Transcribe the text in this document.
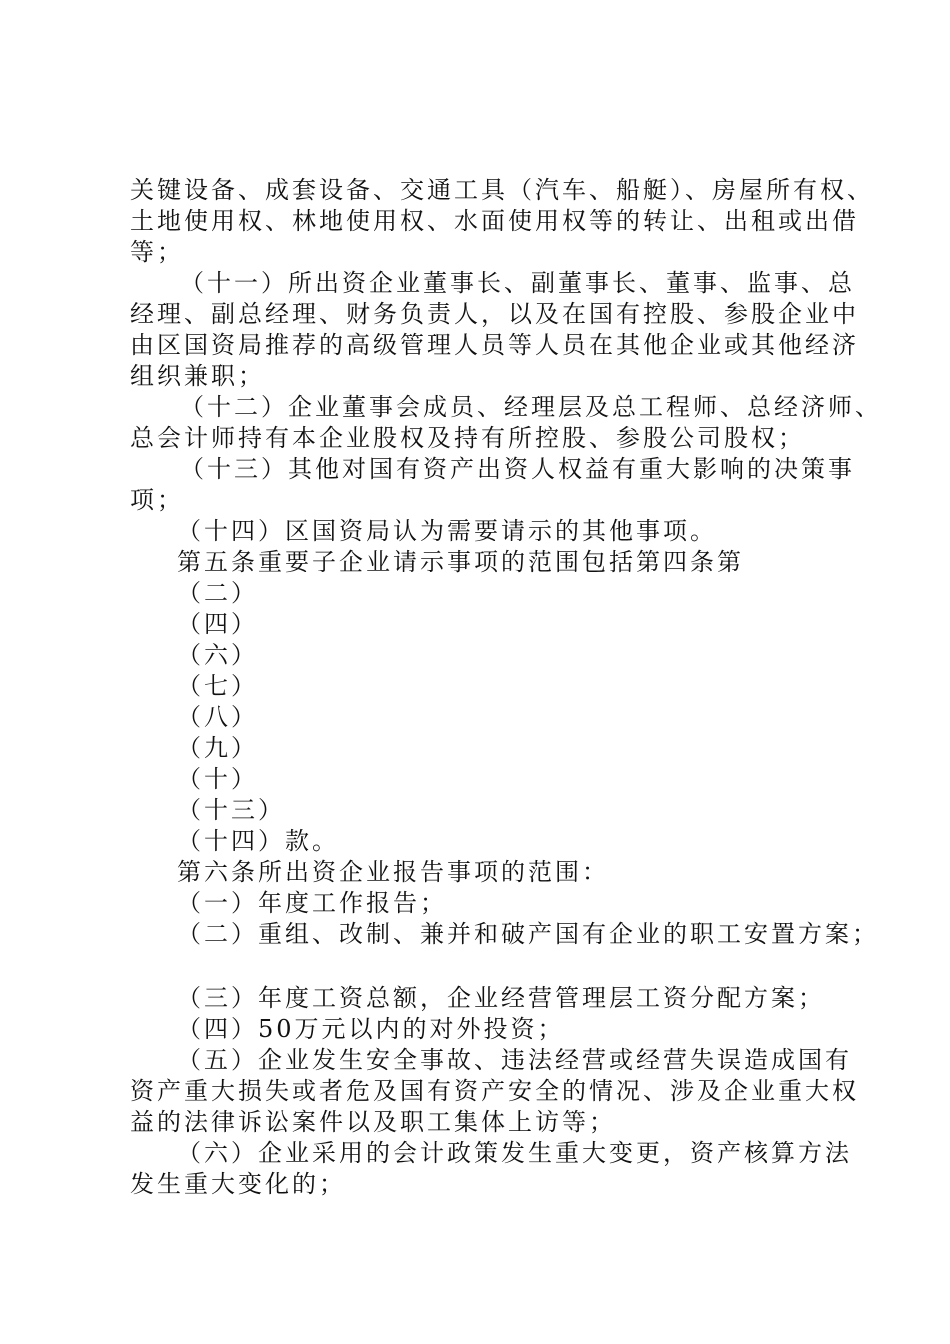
关键设备、成套设备、交通工具（汽车、船艇）、房屋所有权、
土地使用权、林地使用权、水面使用权等的转让、出租或出借
等；
（十一）所出资企业董事长、副董事长、董事、监事、总
经理、副总经理、财务负责人，以及在国有控股、参股企业中
由区国资局推荐的高级管理人员等人员在其他企业或其他经济
组织兼职；
（十二）企业董事会成员、经理层及总工程师、总经济师、
总会计师持有本企业股权及持有所控股、参股公司股权；
（十三）其他对国有资产出资人权益有重大影响的决策事
项；
（十四）区国资局认为需要请示的其他事项。
第五条重要子企业请示事项的范围包括第四条第
（二）
（四）
（六）
（七）
（八）
（九）
（十）
（十三）
（十四）款。
第六条所出资企业报告事项的范围：
（一）年度工作报告；
（二）重组、改制、兼并和破产国有企业的职工安置方案；
（三）年度工资总额，企业经营管理层工资分配方案；
（四）50万元以内的对外投资；
（五）企业发生安全事故、违法经营或经营失误造成国有
资产重大损失或者危及国有资产安全的情况、涉及企业重大权
益的法律诉讼案件以及职工集体上访等；
（六）企业采用的会计政策发生重大变更，资产核算方法
发生重大变化的；
